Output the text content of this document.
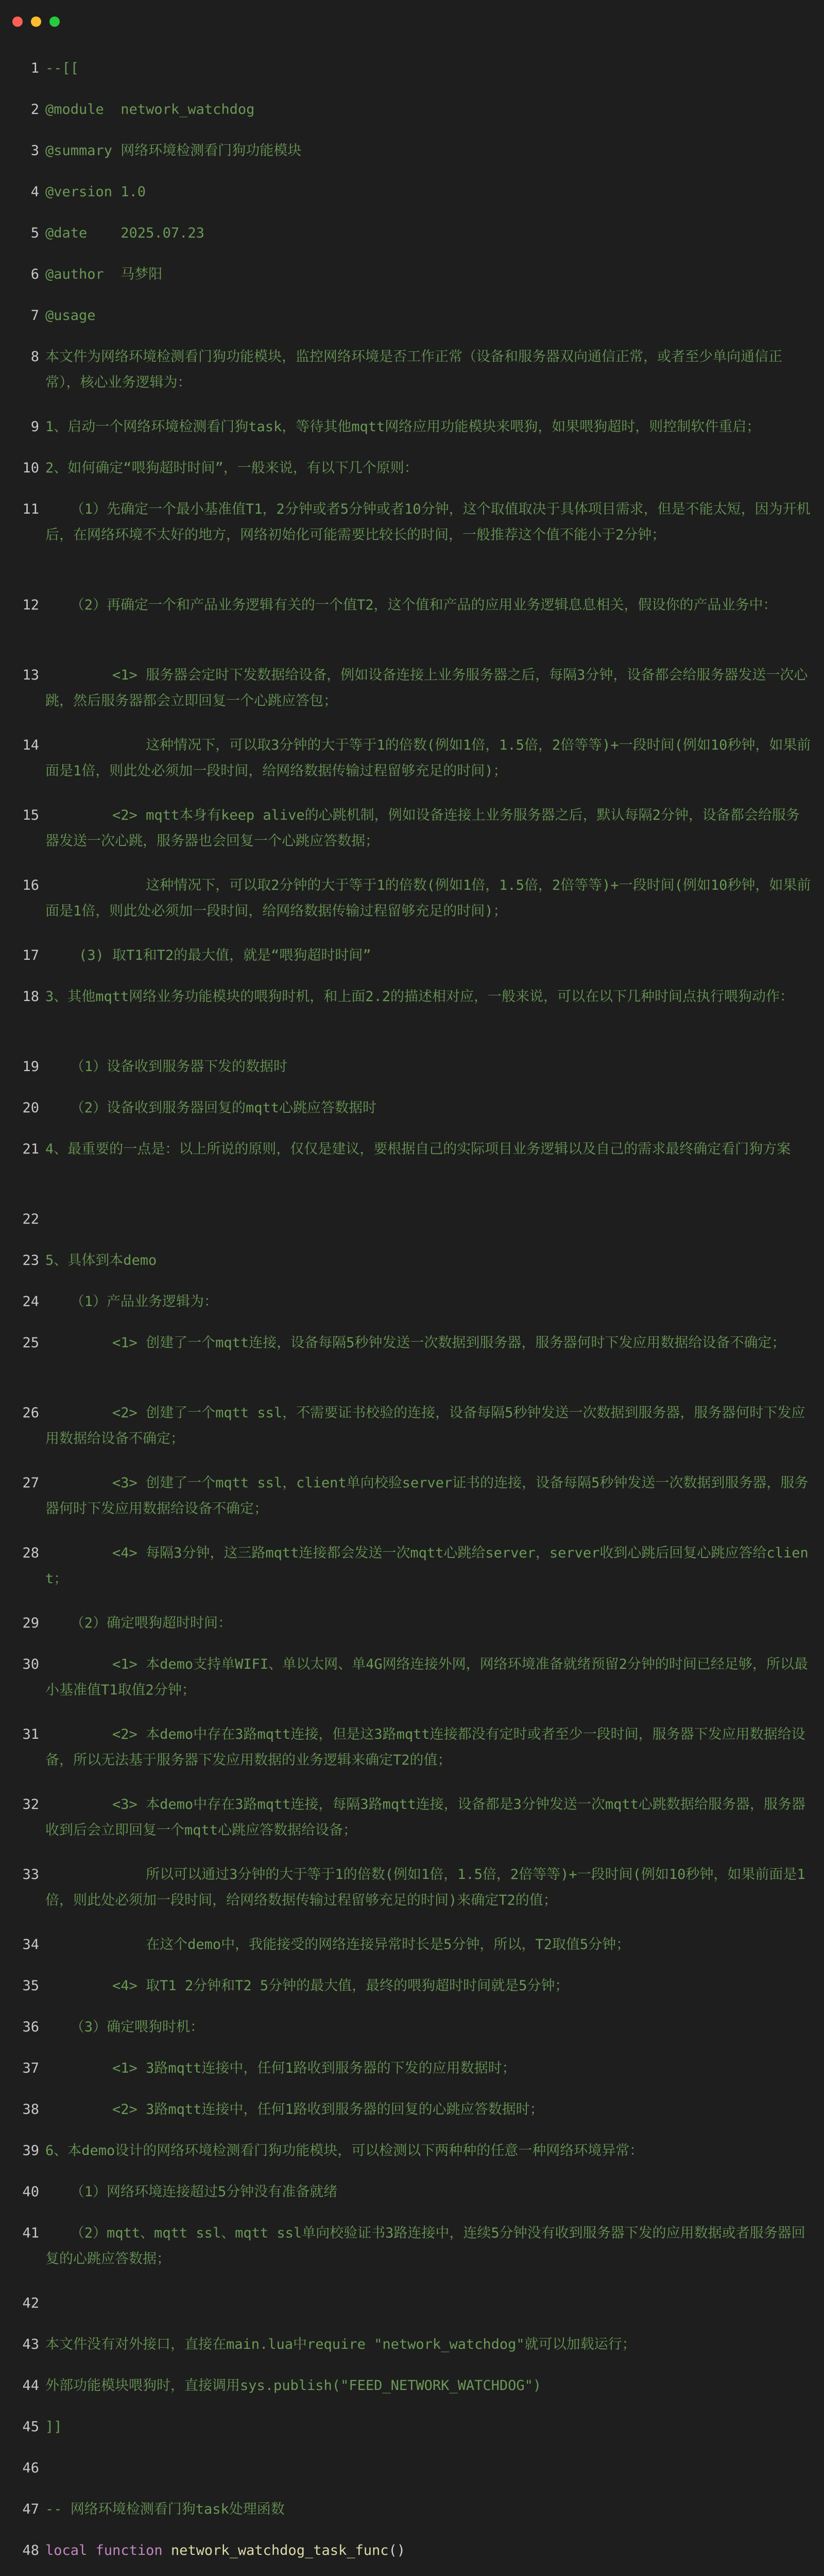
1 --[[
2 @module  network_watchdog
3 @summary 网络环境检测看门狗功能模块
4 @version 1.0
5 @date    2025.07.23
6 @author  马梦阳
7 @usage
8 本文件为网络环境检测看门狗功能模块，监控网络环境是否工作正常（设备和服务器双向通信正常，或者至少单向通信正常），核心业务逻辑为：
9 1、启动一个网络环境检测看门狗task，等待其他mqtt网络应用功能模块来喂狗，如果喂狗超时，则控制软件重启；
10 2、如何确定“喂狗超时时间”，一般来说，有以下几个原则：
11 （1）先确定一个最小基准值T1，2分钟或者5分钟或者10分钟，这个取值取决于具体项目需求，但是不能太短，因为开机后，在网络环境不太好的地方，网络初始化可能需要比较长的时间，一般推荐这个值不能小于2分钟；
12 （2）再确定一个和产品业务逻辑有关的一个值T2，这个值和产品的应用业务逻辑息息相关，假设你的产品业务中：
13 <1> 服务器会定时下发数据给设备，例如设备连接上业务服务器之后，每隔3分钟，设备都会给服务器发送一次心跳，然后服务器都会立即回复一个心跳应答包；
14 这种情况下，可以取3分钟的大于等于1的倍数(例如1倍，1.5倍，2倍等等)+一段时间(例如10秒钟，如果前面是1倍，则此处必须加一段时间，给网络数据传输过程留够充足的时间)；
15 <2> mqtt本身有keep alive的心跳机制，例如设备连接上业务服务器之后，默认每隔2分钟，设备都会给服务器发送一次心跳，服务器也会回复一个心跳应答数据；
16 这种情况下，可以取2分钟的大于等于1的倍数(例如1倍，1.5倍，2倍等等)+一段时间(例如10秒钟，如果前面是1倍，则此处必须加一段时间，给网络数据传输过程留够充足的时间)；
17 (3) 取T1和T2的最大值，就是“喂狗超时时间”
18 3、其他mqtt网络业务功能模块的喂狗时机，和上面2.2的描述相对应，一般来说，可以在以下几种时间点执行喂狗动作：
19 （1）设备收到服务器下发的数据时
20 （2）设备收到服务器回复的mqtt心跳应答数据时
21 4、最重要的一点是：以上所说的原则，仅仅是建议，要根据自己的实际项目业务逻辑以及自己的需求最终确定看门狗方案
22
23 5、具体到本demo
24 （1）产品业务逻辑为：
25 <1> 创建了一个mqtt连接，设备每隔5秒钟发送一次数据到服务器，服务器何时下发应用数据给设备不确定；
26 <2> 创建了一个mqtt ssl，不需要证书校验的连接，设备每隔5秒钟发送一次数据到服务器，服务器何时下发应用数据给设备不确定；
27 <3> 创建了一个mqtt ssl，client单向校验server证书的连接，设备每隔5秒钟发送一次数据到服务器，服务器何时下发应用数据给设备不确定；
28 <4> 每隔3分钟，这三路mqtt连接都会发送一次mqtt心跳给server，server收到心跳后回复心跳应答给client；
29 （2）确定喂狗超时时间：
30 <1> 本demo支持单WIFI、单以太网、单4G网络连接外网，网络环境准备就绪预留2分钟的时间已经足够，所以最小基准值T1取值2分钟；
31 <2> 本demo中存在3路mqtt连接，但是这3路mqtt连接都没有定时或者至少一段时间，服务器下发应用数据给设备，所以无法基于服务器下发应用数据的业务逻辑来确定T2的值；
32 <3> 本demo中存在3路mqtt连接，每隔3路mqtt连接，设备都是3分钟发送一次mqtt心跳数据给服务器，服务器收到后会立即回复一个mqtt心跳应答数据给设备；
33 所以可以通过3分钟的大于等于1的倍数(例如1倍，1.5倍，2倍等等)+一段时间(例如10秒钟，如果前面是1倍，则此处必须加一段时间，给网络数据传输过程留够充足的时间)来确定T2的值；
34 在这个demo中，我能接受的网络连接异常时长是5分钟，所以，T2取值5分钟；
35 <4> 取T1 2分钟和T2 5分钟的最大值，最终的喂狗超时时间就是5分钟；
36 （3）确定喂狗时机：
37 <1> 3路mqtt连接中，任何1路收到服务器的下发的应用数据时；
38 <2> 3路mqtt连接中，任何1路收到服务器的回复的心跳应答数据时；
39 6、本demo设计的网络环境检测看门狗功能模块，可以检测以下两种种的任意一种网络环境异常：
40 （1）网络环境连接超过5分钟没有准备就绪
41 （2）mqtt、mqtt ssl、mqtt ssl单向校验证书3路连接中，连续5分钟没有收到服务器下发的应用数据或者服务器回复的心跳应答数据；
42
43 本文件没有对外接口，直接在main.lua中require "network_watchdog"就可以加载运行；
44 外部功能模块喂狗时，直接调用sys.publish("FEED_NETWORK_WATCHDOG")
45 ]]
46
47 -- 网络环境检测看门狗task处理函数
48 local function network_watchdog_task_func()
